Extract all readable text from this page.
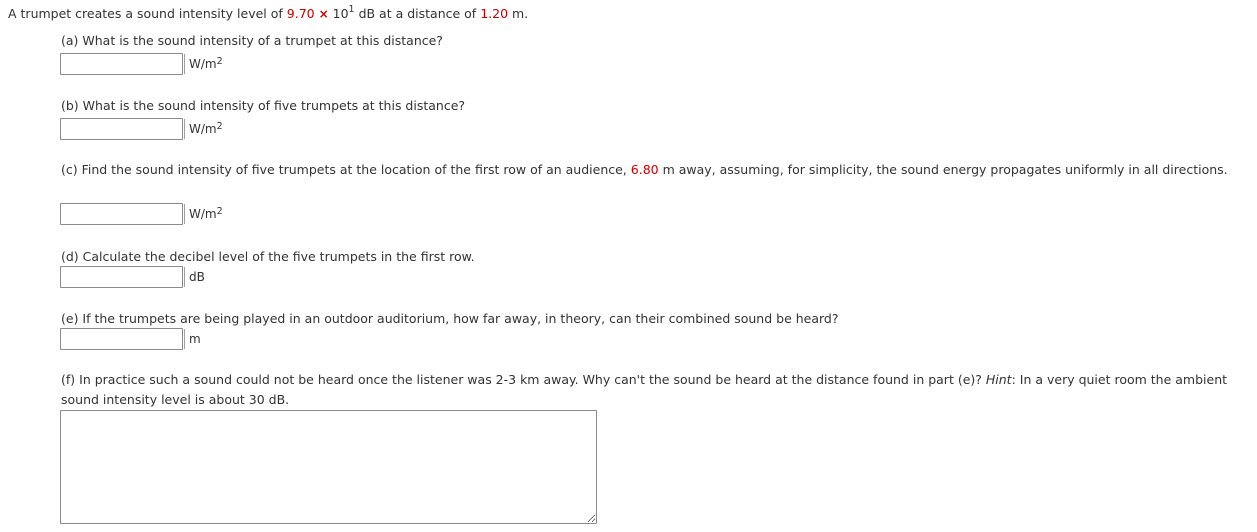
A trumpet creates a sound intensity level of $9.70 \times 10^1$ dB at a distance of 1.20 m.
(a) What is the sound intensity of a trumpet at this distance?
$W/m^2$
(b) What is the sound intensity of five trumpets at this distance?
$W/m^2$
(c) Find the sound intensity of five trumpets at the location of the first row of an audience, 6.80 m away, assuming, for simplicity, the sound energy propagates uniformly in all directions.
$W/m^2$
(d) Calculate the decibel level of the five trumpets in the first row.
dB
(e) If the trumpets are being played in an outdoor auditorium, how far away, in theory, can their combined sound be heard?
m
(f) In practice such a sound could not be heard once the listener was 2-3 km away. Why can't the sound be heard at the distance found in part (e)? Hint: In a very quiet room the ambient sound intensity level is about 30 dB.
